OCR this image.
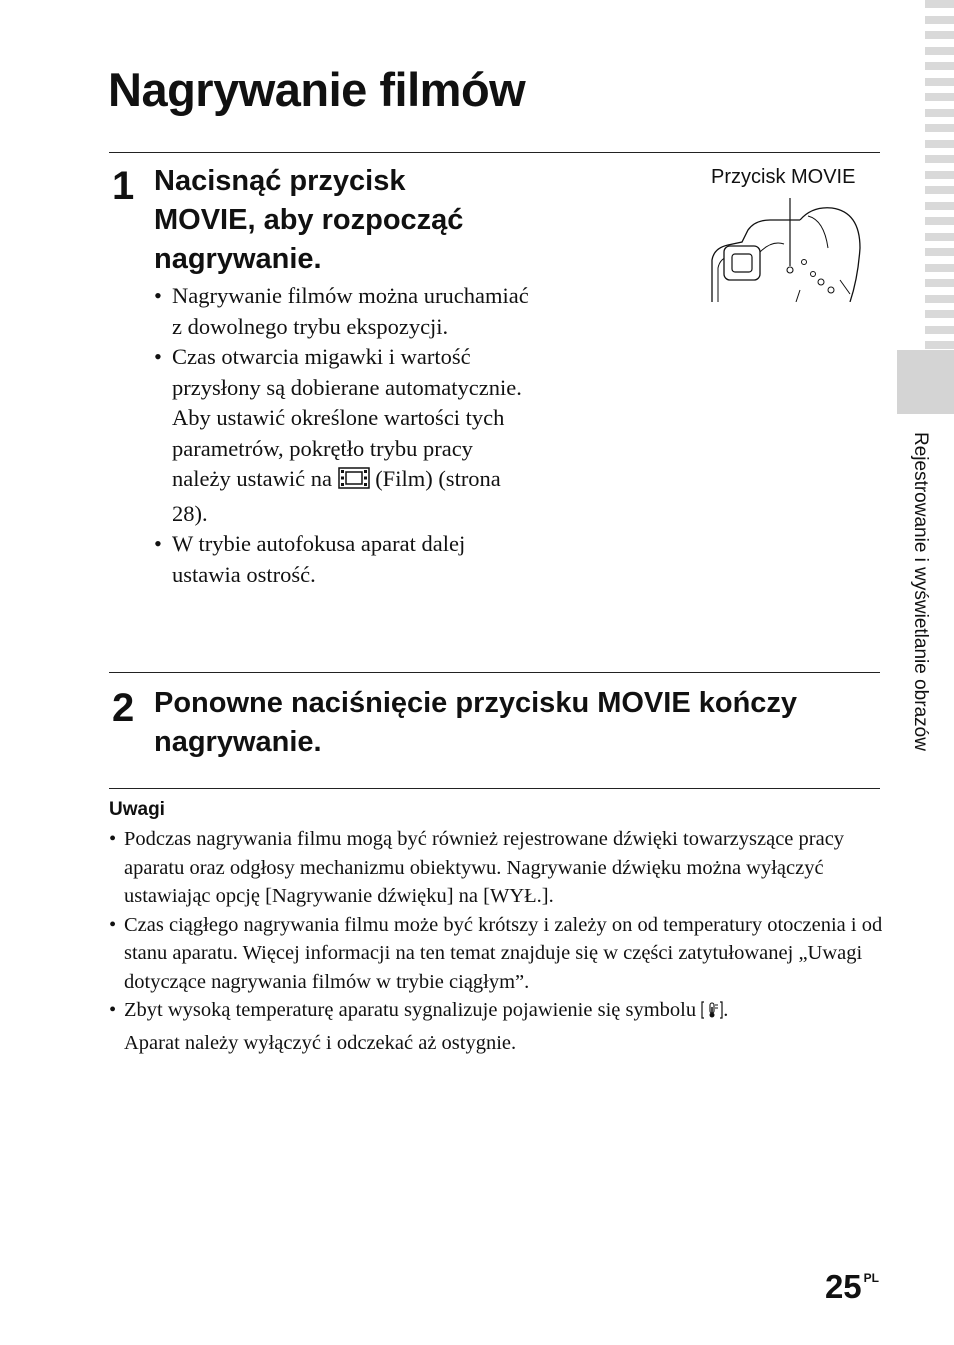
Rejestrowanie i wyświetlanie obrazów
Nagrywanie filmów
1 Nacisnąć przycisk
MOVIE, aby rozpocząć
nagrywanie.
• Nagrywanie filmów można uruchamiać z dowolnego trybu ekspozycji.
• Czas otwarcia migawki i wartość przysłony są dobierane automatycznie. Aby ustawić określone wartości tych parametrów, pokrętło trybu pracy należy ustawić na (Film) (strona 28).
• W trybie autofokusa aparat dalej ustawia ostrość.
Przycisk MOVIE
2 Ponowne naciśnięcie przycisku MOVIE kończy nagrywanie.
Uwagi
• Podczas nagrywania filmu mogą być również rejestrowane dźwięki towarzyszące pracy aparatu oraz odgłosy mechanizmu obiektywu. Nagrywanie dźwięku można wyłączyć ustawiając opcję [Nagrywanie dźwięku] na [WYŁ.].
• Czas ciągłego nagrywania filmu może być krótszy i zależy on od temperatury otoczenia i od stanu aparatu. Więcej informacji na ten temat znajduje się w części zatytułowanej „Uwagi dotyczące nagrywania filmów w trybie ciągłym”.
• Zbyt wysoką temperaturę aparatu sygnalizuje pojawienie się symbolu .
Aparat należy wyłączyć i odczekać aż ostygnie.
25 $^{PL}$
